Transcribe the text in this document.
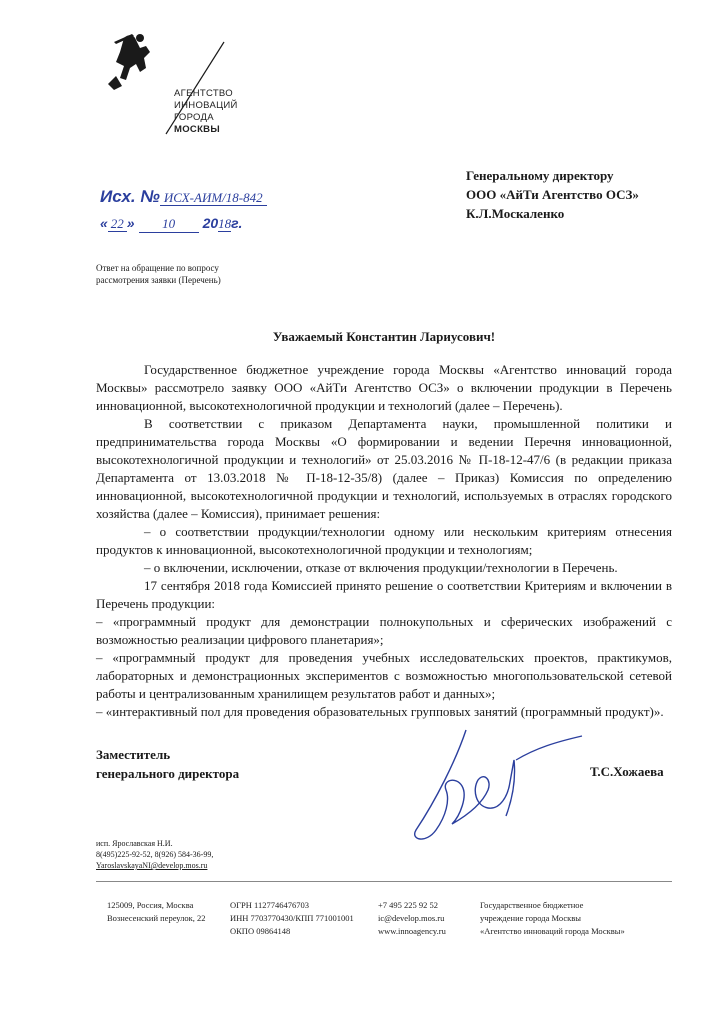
АГЕНТСТВО
ИННОВАЦИЙ
ГОРОДА
МОСКВЫ
Исх. № ИСХ-АИМ/18-842
« 22 » 10 2018г.
Генеральному директору
ООО «АйТи Агентство ОСЗ»
К.Л.Москаленко
Ответ на обращение по вопросу
рассмотрения заявки (Перечень)
Уважаемый Константин Лариусович!

Государственное бюджетное учреждение города Москвы «Агентство инноваций города Москвы» рассмотрело заявку ООО «АйТи Агентство ОСЗ» о включении продукции в Перечень инновационной, высокотехнологичной продукции и технологий (далее – Перечень).

В соответствии с приказом Департамента науки, промышленной политики и предпринимательства города Москвы «О формировании и ведении Перечня инновационной, высокотехнологичной продукции и технологий» от 25.03.2016 № П-18-12-47/6 (в редакции приказа Департамента от 13.03.2018 № П-18-12-35/8) (далее – Приказ) Комиссия по определению инновационной, высокотехнологичной продукции и технологий, используемых в отраслях городского хозяйства (далее – Комиссия), принимает решения:

– о соответствии продукции/технологии одному или нескольким критериям отнесения продуктов к инновационной, высокотехнологичной продукции и технологиям;

– о включении, исключении, отказе от включения продукции/технологии в Перечень.

17 сентября 2018 года Комиссией принято решение о соответствии Критериям и включении в Перечень продукции:

– «программный продукт для демонстрации полнокупольных и сферических изображений с возможностью реализации цифрового планетария»;

– «программный продукт для проведения учебных исследовательских проектов, практикумов, лабораторных и демонстрационных экспериментов с возможностью многопользовательской сетевой работы и централизованным хранилищем результатов работ и данных»;

– «интерактивный пол для проведения образовательных групповых занятий (программный продукт)».

Заместитель
генерального директора	Т.С.Хожаева
исп. Ярославская Н.И.
8(495)225-92-52, 8(926) 584-36-99,
YaroslavskayaNI@develop.mos.ru
125009, Россия, Москва
Вознесенский переулок, 22
ОГРН 1127746476703
ИНН 7703770430/КПП 771001001
ОКПО 09864148
+7 495 225 92 52
ic@develop.mos.ru
www.innoagency.ru
Государственное бюджетное
учреждение города Москвы
«Агентство инноваций города Москвы»
